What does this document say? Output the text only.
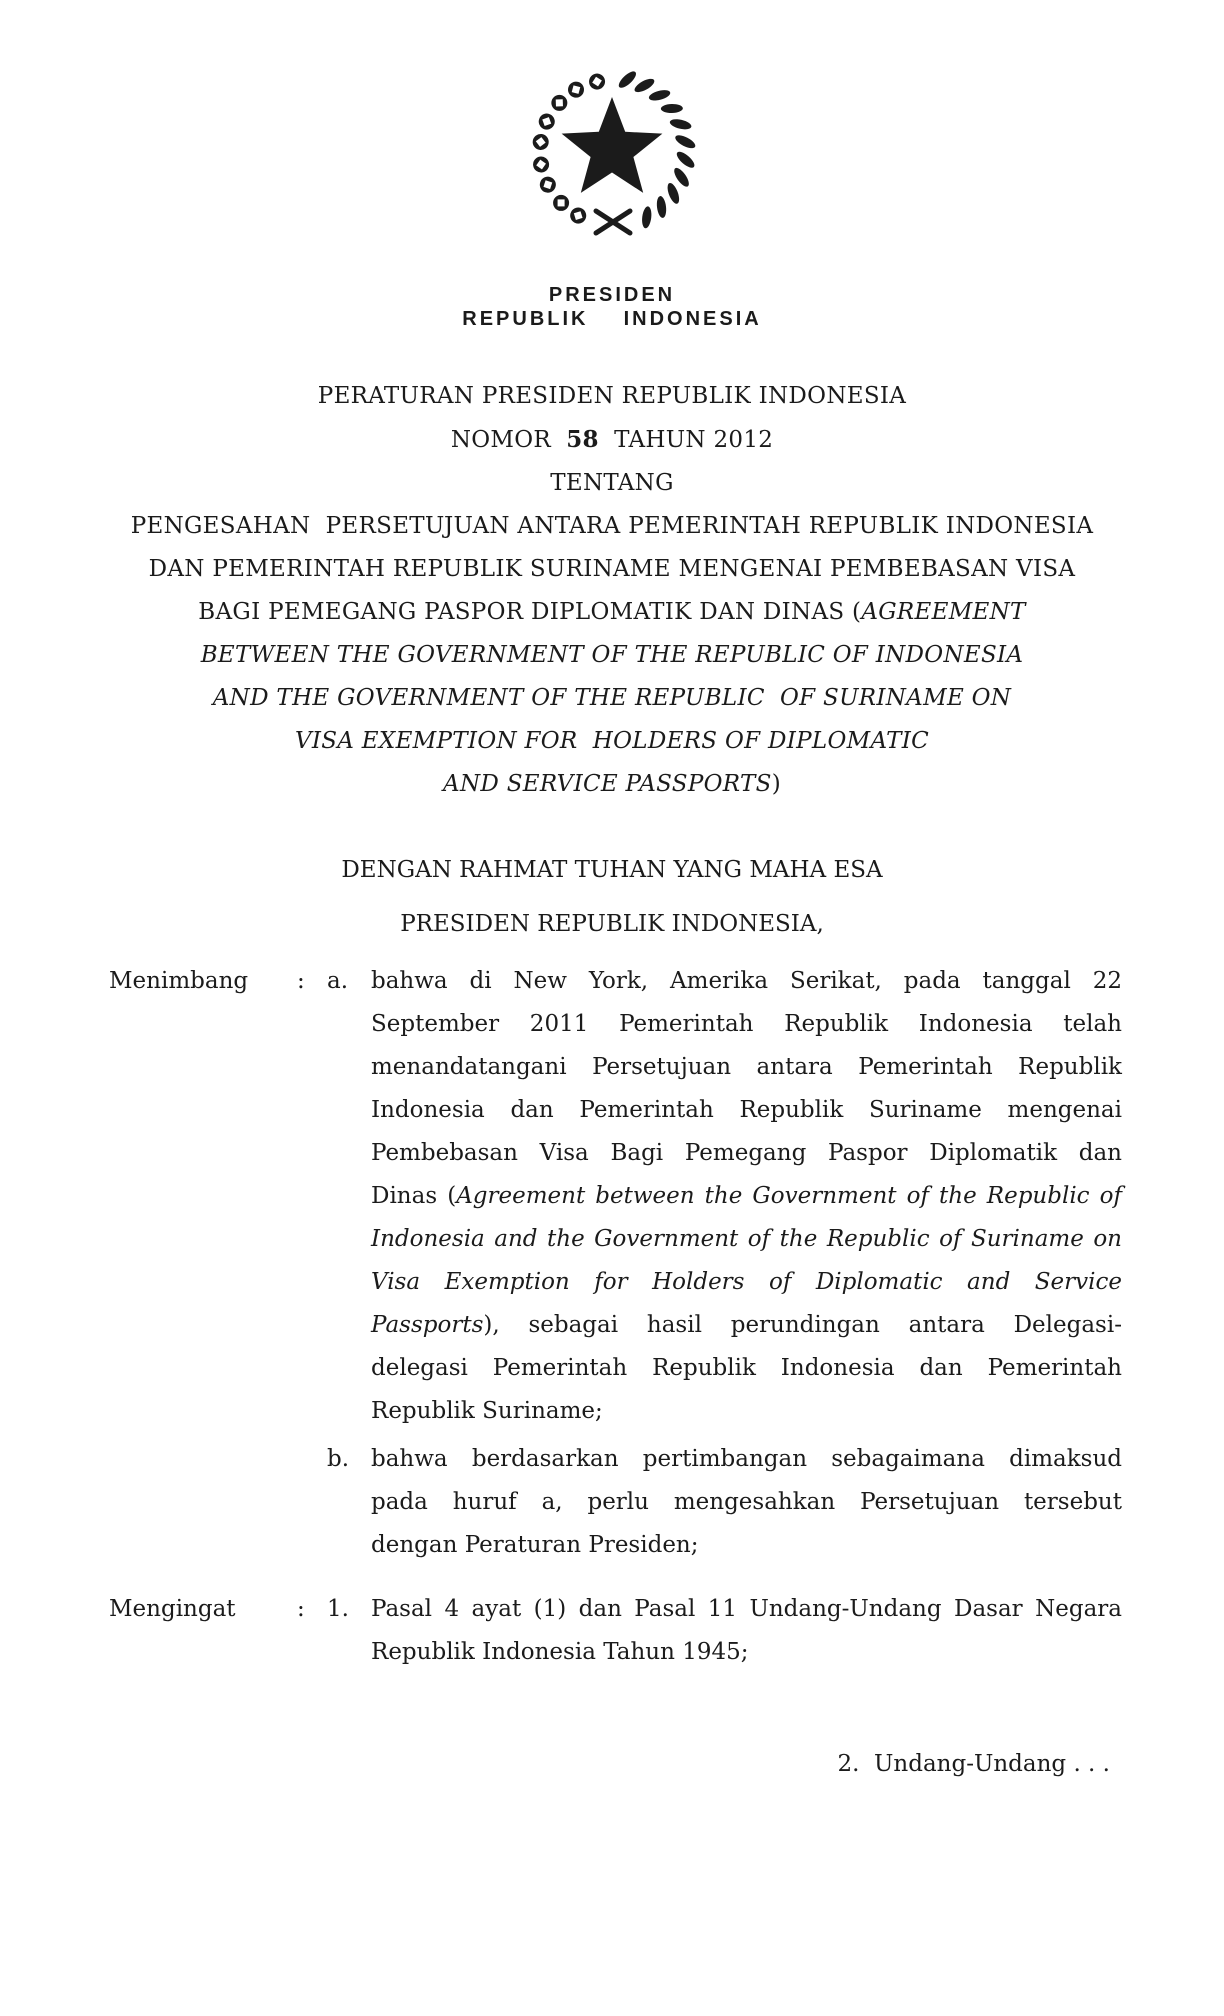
PRESIDEN
REPUBLIK  INDONESIA
PERATURAN PRESIDEN REPUBLIK INDONESIA
NOMOR  58  TAHUN 2012
TENTANG
PENGESAHAN  PERSETUJUAN ANTARA PEMERINTAH REPUBLIK INDONESIA
DAN PEMERINTAH REPUBLIK SURINAME MENGENAI PEMBEBASAN VISA
BAGI PEMEGANG PASPOR DIPLOMATIK DAN DINAS (AGREEMENT
BETWEEN THE GOVERNMENT OF THE REPUBLIC OF INDONESIA
AND THE GOVERNMENT OF THE REPUBLIC  OF SURINAME ON
VISA EXEMPTION FOR  HOLDERS OF DIPLOMATIC
AND SERVICE PASSPORTS)
DENGAN RAHMAT TUHAN YANG MAHA ESA
PRESIDEN REPUBLIK INDONESIA,
Menimbang	: a. bahwa di New York, Amerika Serikat, pada tanggal 22
September 2011 Pemerintah Republik Indonesia telah
menandatangani Persetujuan antara Pemerintah Republik
Indonesia dan Pemerintah Republik Suriname mengenai
Pembebasan Visa Bagi Pemegang Paspor Diplomatik dan
Dinas (Agreement between the Government of the Republic of
Indonesia and the Government of the Republic of Suriname on
Visa Exemption for Holders of Diplomatic and Service
Passports), sebagai hasil perundingan antara Delegasi-
delegasi Pemerintah Republik Indonesia dan Pemerintah
Republik Suriname;
b. bahwa berdasarkan pertimbangan sebagaimana dimaksud
pada huruf a, perlu mengesahkan Persetujuan tersebut
dengan Peraturan Presiden;
Mengingat	: 1. Pasal 4 ayat (1) dan Pasal 11 Undang-Undang Dasar Negara
Republik Indonesia Tahun 1945;
2.  Undang-Undang . . .
